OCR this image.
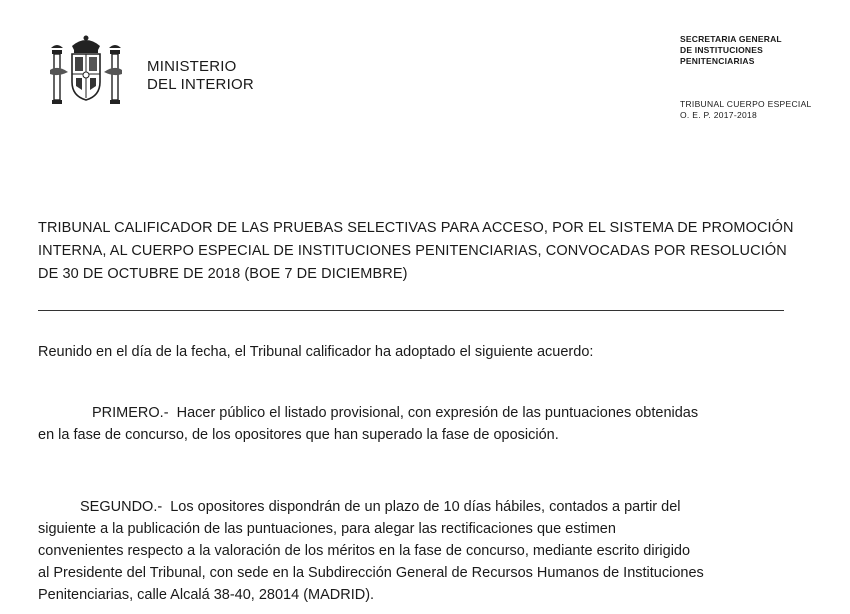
MINISTERIO
DEL INTERIOR
SECRETARIA GENERAL
DE INSTITUCIONES
PENITENCIARIAS
TRIBUNAL CUERPO ESPECIAL
O. E. P. 2017-2018
TRIBUNAL CALIFICADOR DE LAS PRUEBAS SELECTIVAS PARA ACCESO, POR EL SISTEMA DE PROMOCIÓN
INTERNA, AL CUERPO ESPECIAL DE INSTITUCIONES PENITENCIARIAS, CONVOCADAS POR RESOLUCIÓN
DE 30 DE OCTUBRE DE 2018 (BOE 7 DE DICIEMBRE)
Reunido en el día de la fecha, el Tribunal calificador ha adoptado el siguiente acuerdo:
PRIMERO.- Hacer público el listado provisional, con expresión de las puntuaciones obtenidas
en la fase de concurso, de los opositores que han superado la fase de oposición.
SEGUNDO.- Los opositores dispondrán de un plazo de 10 días hábiles, contados a partir del
siguiente a la publicación de las puntuaciones, para alegar las rectificaciones que estimen
convenientes respecto a la valoración de los méritos en la fase de concurso, mediante escrito dirigido
al Presidente del Tribunal, con sede en la Subdirección General de Recursos Humanos de Instituciones
Penitenciarias, calle Alcalá 38-40, 28014 (MADRID).
